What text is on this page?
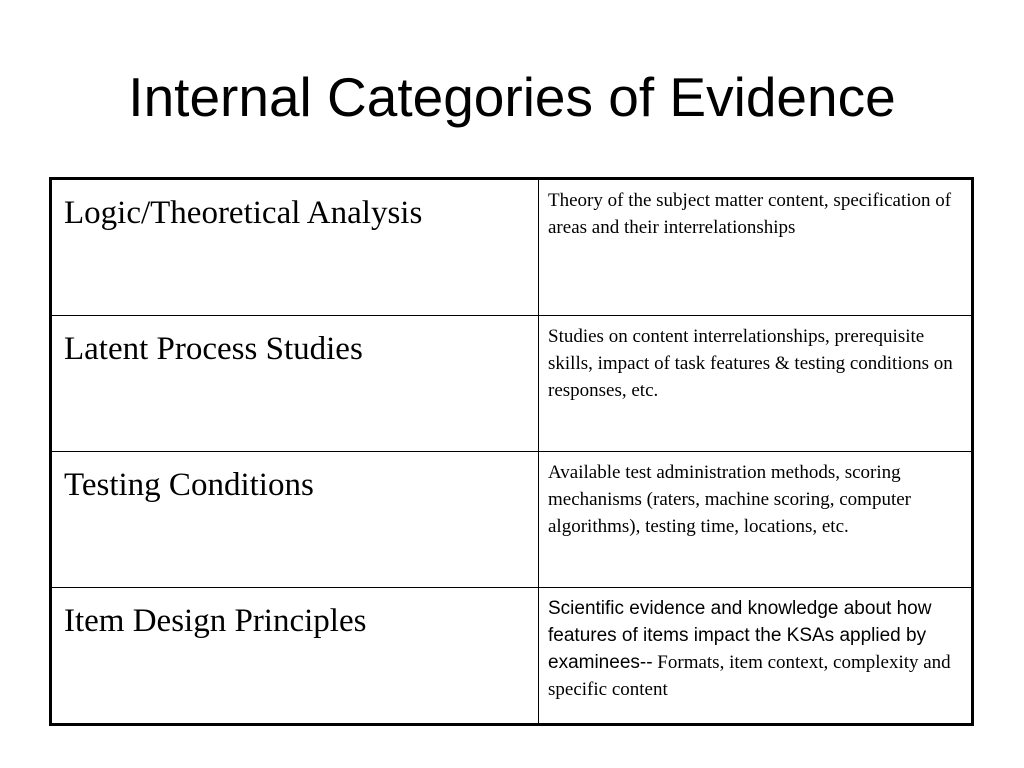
Internal Categories of Evidence
Logic/Theoretical Analysis	Theory of the subject matter content, specification of areas and their interrelationships
Latent Process Studies	Studies on content interrelationships, prerequisite skills, impact of task features & testing conditions on responses, etc.
Testing Conditions	Available test administration methods, scoring mechanisms (raters, machine scoring, computer algorithms), testing time, locations, etc.
Item Design Principles	Scientific evidence and knowledge about how features of items impact the KSAs applied by examinees-- Formats, item context, complexity and specific content
